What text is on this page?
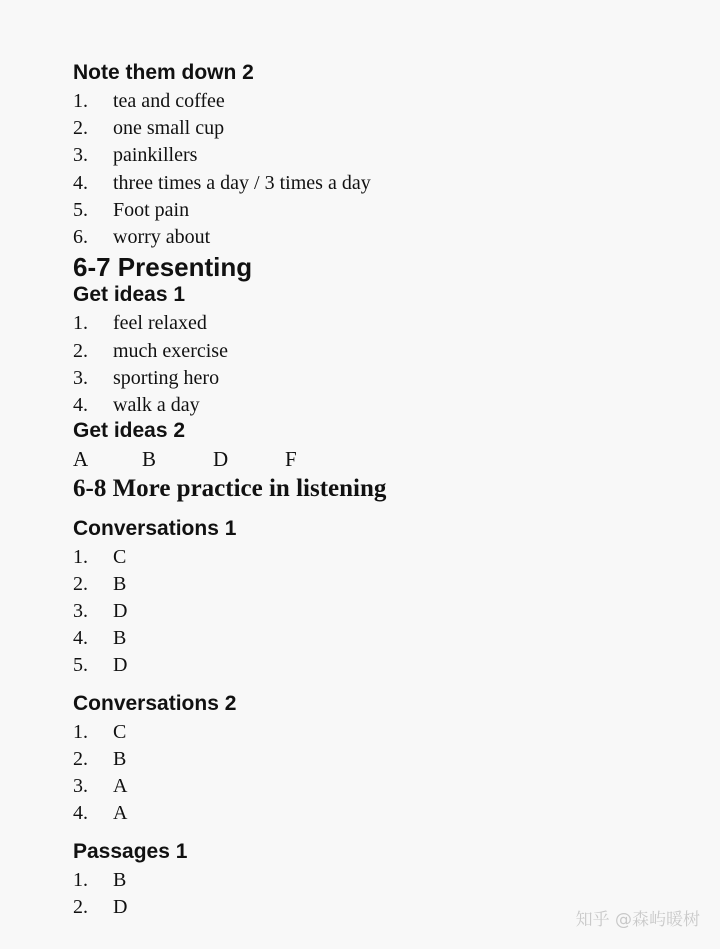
Note them down 2
1.	tea and coffee
2.	one small cup
3.	painkillers
4.	three times a day / 3 times a day
5.	Foot pain
6.	worry about
6-7 Presenting
Get ideas 1
1.	feel relaxed
2.	much exercise
3.	sporting hero
4.	walk a day
Get ideas 2
A	B	D	F
6-8 More practice in listening
Conversations 1
1.	C
2.	B
3.	D
4.	B
5.	D
Conversations 2
1.	C
2.	B
3.	A
4.	A
Passages 1
1.	B
2.	D
知乎 @森屿暖树
